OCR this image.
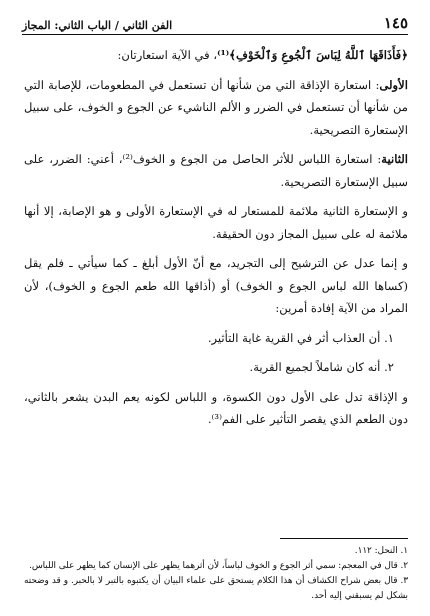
١٤٥
الفن الثاني / الباب الثاني: المجاز

﴿فَأَذَاقَهَا ٱللَّهُ لِبَاسَ ٱلْجُوعِ وَٱلْخَوْفِ﴾⁽¹⁾، في الآية استعارتان:

الأولى: استعارة الإذاقة التي من شأنها أن تستعمل في المطعومات، للإصابة التي من شأنها أن تستعمل في الضرر و الألم الناشيء عن الجوع و الخوف، على سبيل الإستعارة التصريحية.

الثانية: استعارة اللباس للأثر الحاصل من الجوع و الخوف⁽²⁾، أعني: الضرر، على سبيل الإستعارة التصريحية.

و الإستعارة الثانية ملائمة للمستعار له في الإستعارة الأولى و هو الإصابة، إلا أنها ملائمة له على سبيل المجاز دون الحقيقة.

و إنما عدل عن الترشيح إلى التجريد، مع أنّ الأول أبلغ ـ كما سيأتي ـ فلم يقل (كساها الله لباس الجوع و الخوف) أو (أذاقها الله طعم الجوع و الخوف)، لأن المراد من الآية إفادة أمرين:

١. أن العذاب أثر في القرية غاية التأثير.

٢. أنه كان شاملاً لجميع القرية.

و الإذاقة تدل على الأول دون الكسوة، و اللباس لكونه يعم البدن يشعر بالثاني، دون الطعم الذي يقصر التأثير على الفم⁽³⁾.

١. النحل: ١١٢.

٢. قال في المعجم: سمي أثر الجوع و الخوف لباساً، لأن أثرهما يظهر على الإنسان كما يظهر على اللباس.

٣. قال بعض شراح الكشاف أن هذا الكلام يستحق على علماء البيان أن يكتبوه بالتبر لا بالحبر. و قد وضحته بشكل لم يسبقني إليه أحد.
